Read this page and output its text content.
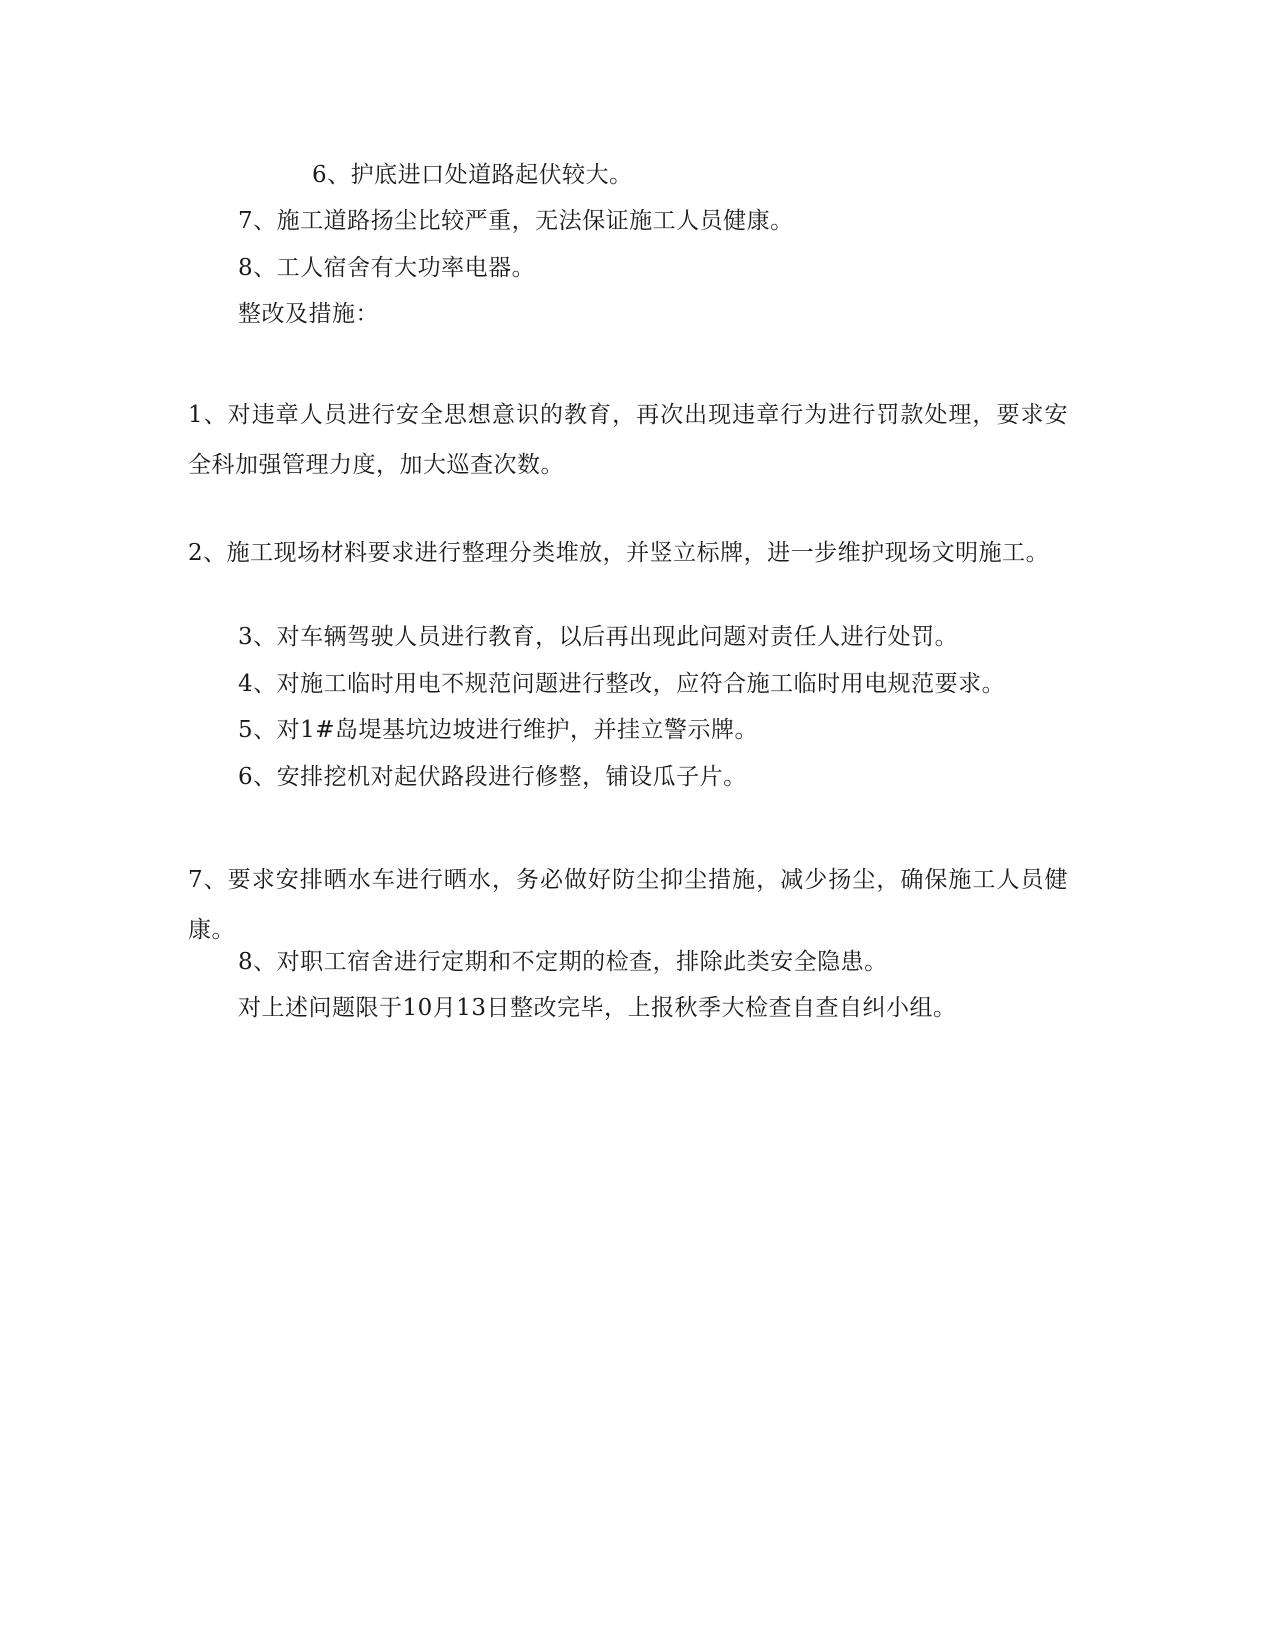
6、护底进口处道路起伏较大。
7、施工道路扬尘比较严重，无法保证施工人员健康。
8、工人宿舍有大功率电器。
整改及措施：
1、对违章人员进行安全思想意识的教育，再次出现违章行为进行罚款处理，要求安全科加强管理力度，加大巡查次数。
2、施工现场材料要求进行整理分类堆放，并竖立标牌，进一步维护现场文明施工。
3、对车辆驾驶人员进行教育，以后再出现此问题对责任人进行处罚。
4、对施工临时用电不规范问题进行整改，应符合施工临时用电规范要求。
5、对1#岛堤基坑边坡进行维护，并挂立警示牌。
6、安排挖机对起伏路段进行修整，铺设瓜子片。
7、要求安排晒水车进行晒水，务必做好防尘抑尘措施，减少扬尘，确保施工人员健康。
8、对职工宿舍进行定期和不定期的检查，排除此类安全隐患。
对上述问题限于10月13日整改完毕，上报秋季大检查自查自纠小组。
